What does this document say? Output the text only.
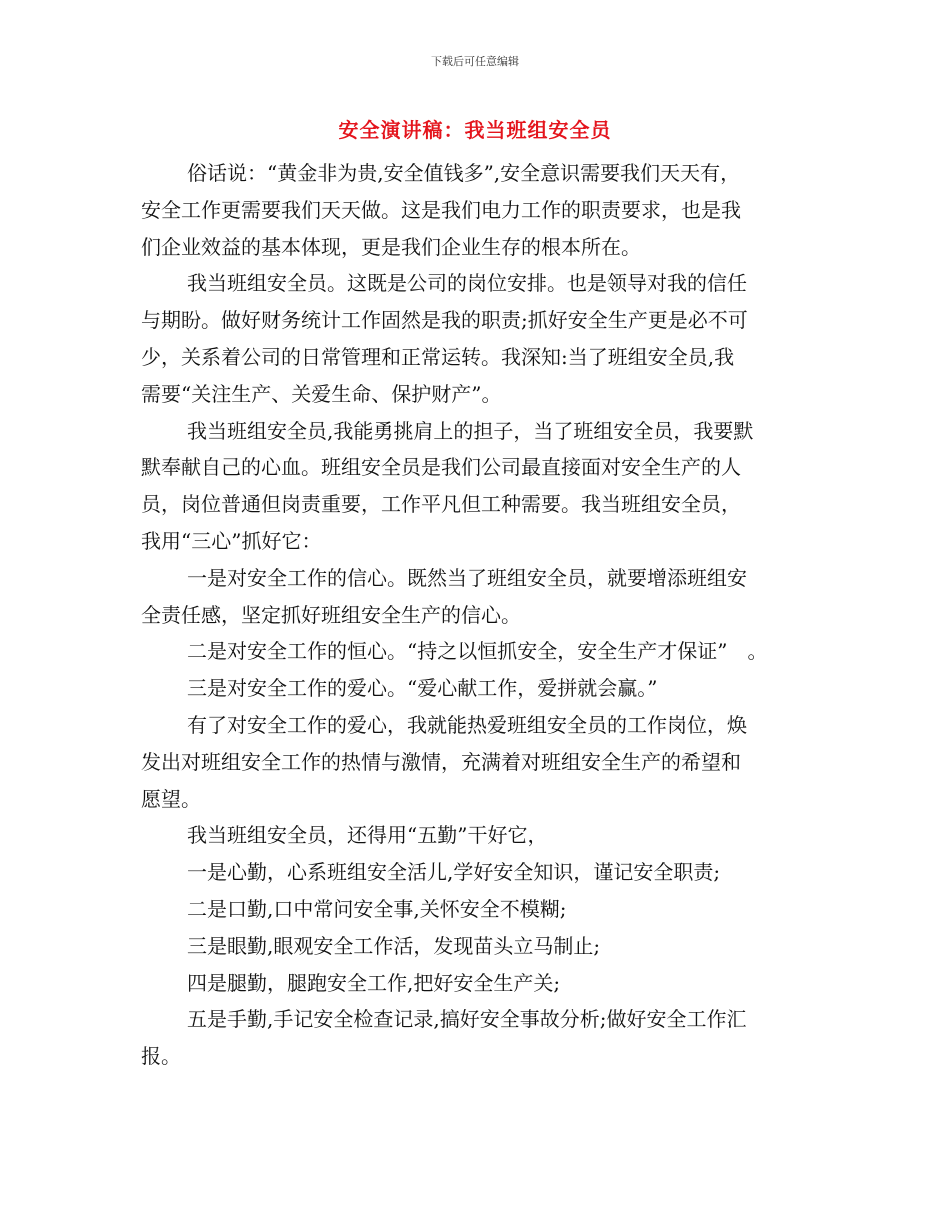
下载后可任意编辑
安全演讲稿：我当班组安全员
俗话说：“黄金非为贵,安全值钱多”,安全意识需要我们天天有，
安全工作更需要我们天天做。这是我们电力工作的职责要求，也是我
们企业效益的基本体现，更是我们企业生存的根本所在。
我当班组安全员。这既是公司的岗位安排。也是领导对我的信任
与期盼。做好财务统计工作固然是我的职责;抓好安全生产更是必不可
少，关系着公司的日常管理和正常运转。我深知:当了班组安全员,我
需要“关注生产、关爱生命、保护财产”。
我当班组安全员,我能勇挑肩上的担子，当了班组安全员，我要默
默奉献自己的心血。班组安全员是我们公司最直接面对安全生产的人
员，岗位普通但岗责重要，工作平凡但工种需要。我当班组安全员，
我用“三心”抓好它：
一是对安全工作的信心。既然当了班组安全员，就要增添班组安
全责任感，坚定抓好班组安全生产的信心。
二是对安全工作的恒心。“持之以恒抓安全，安全生产才保证”　。
三是对安全工作的爱心。“爱心献工作，爱拼就会赢。”
有了对安全工作的爱心，我就能热爱班组安全员的工作岗位，焕
发出对班组安全工作的热情与激情，充满着对班组安全生产的希望和
愿望。
我当班组安全员，还得用“五勤”干好它，
一是心勤，心系班组安全活儿,学好安全知识，谨记安全职责;
二是口勤,口中常问安全事,关怀安全不模糊;
三是眼勤,眼观安全工作活，发现苗头立马制止;
四是腿勤，腿跑安全工作,把好安全生产关;
五是手勤,手记安全检查记录,搞好安全事故分析;做好安全工作汇
报。
